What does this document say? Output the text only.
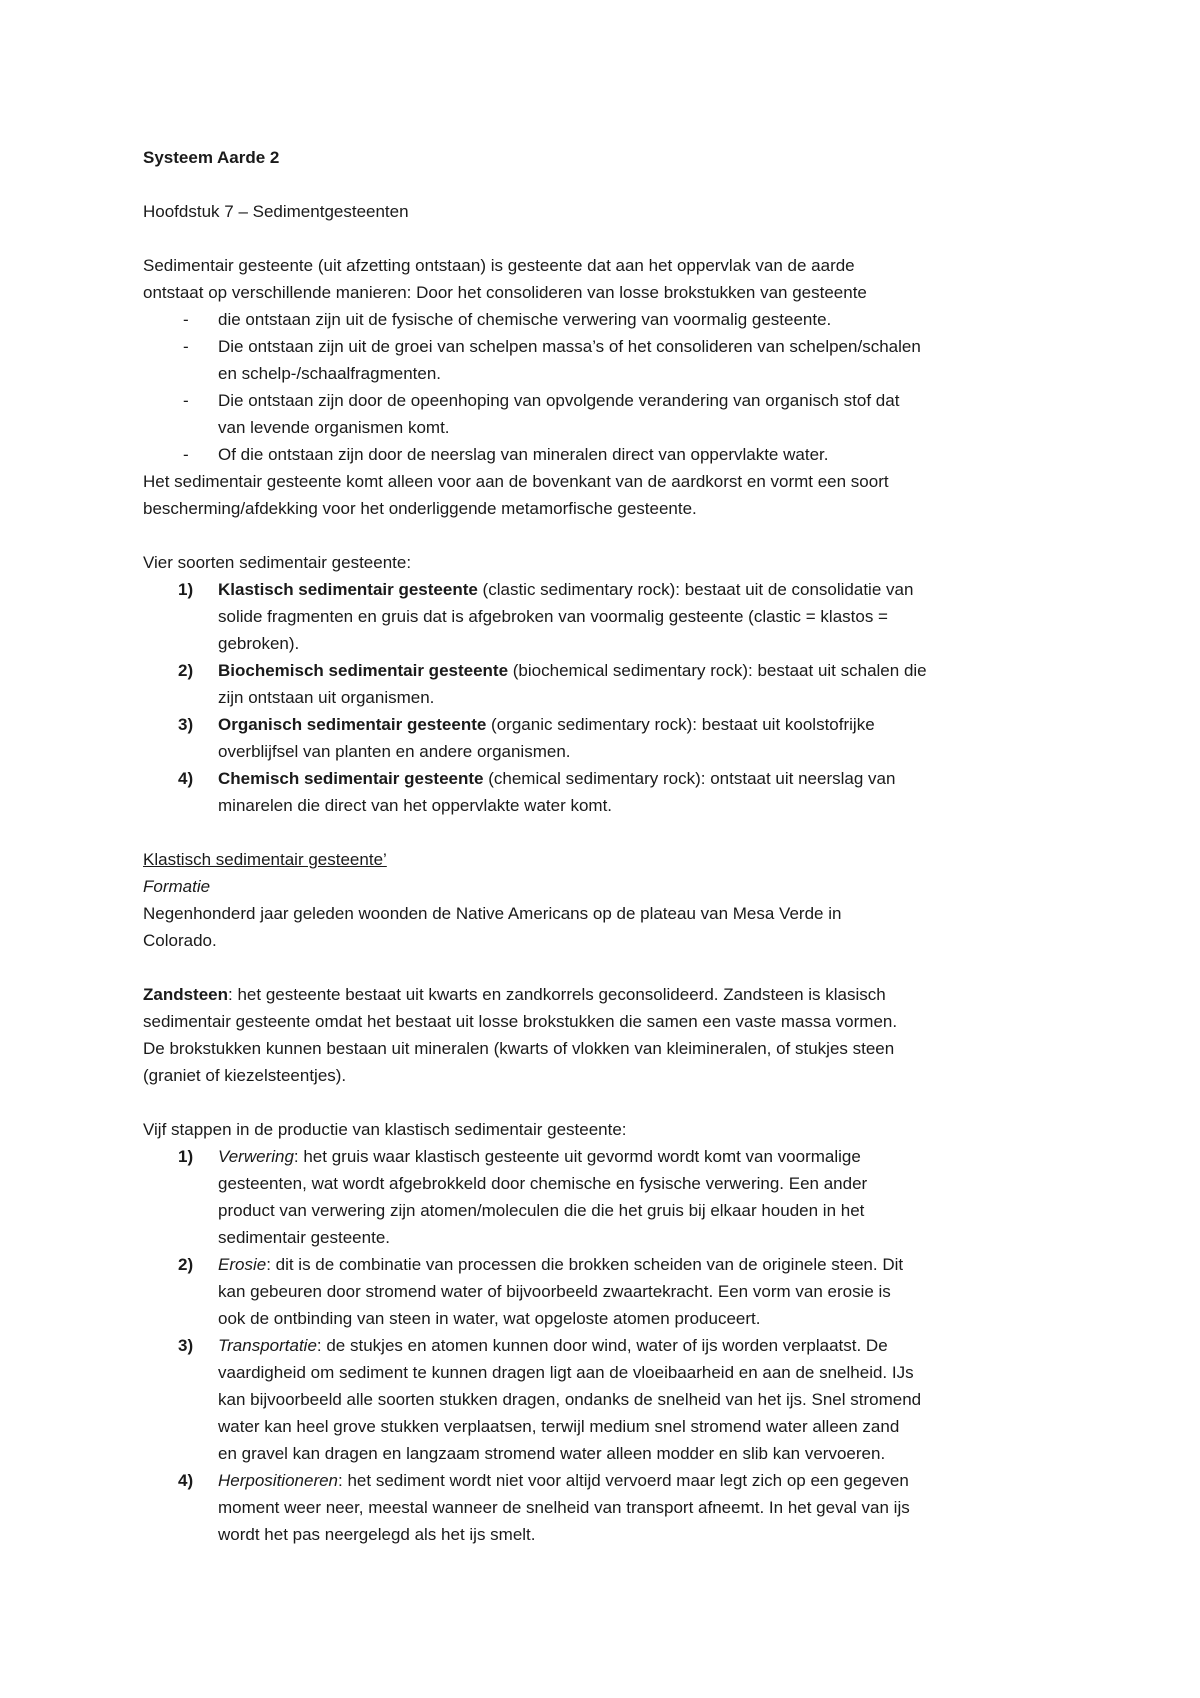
Systeem Aarde 2

Hoofdstuk 7 – Sedimentgesteenten

Sedimentair gesteente (uit afzetting ontstaan) is gesteente dat aan het oppervlak van de aarde

ontstaat op verschillende manieren: Door het consolideren van losse brokstukken van gesteente

- die ontstaan zijn uit de fysische of chemische verwering van voormalig gesteente.
- Die ontstaan zijn uit de groei van schelpen massa’s of het consolideren van schelpen/schalen
en schelp-/schaalfragmenten.
- Die ontstaan zijn door de opeenhoping van opvolgende verandering van organisch stof dat
van levende organismen komt.
- Of die ontstaan zijn door de neerslag van mineralen direct van oppervlakte water.

Het sedimentair gesteente komt alleen voor aan de bovenkant van de aardkorst en vormt een soort

bescherming/afdekking voor het onderliggende metamorfische gesteente.

Vier soorten sedimentair gesteente:

1) Klastisch sedimentair gesteente (clastic sedimentary rock): bestaat uit de consolidatie van
solide fragmenten en gruis dat is afgebroken van voormalig gesteente (clastic = klastos =
gebroken).
2) Biochemisch sedimentair gesteente (biochemical sedimentary rock): bestaat uit schalen die
zijn ontstaan uit organismen.
3) Organisch sedimentair gesteente (organic sedimentary rock): bestaat uit koolstofrijke
overblijfsel van planten en andere organismen.
4) Chemisch sedimentair gesteente (chemical sedimentary rock): ontstaat uit neerslag van
minarelen die direct van het oppervlakte water komt.

Klastisch sedimentair gesteente’

Formatie

Negenhonderd jaar geleden woonden de Native Americans op de plateau van Mesa Verde in

Colorado.

Zandsteen: het gesteente bestaat uit kwarts en zandkorrels geconsolideerd. Zandsteen is klasisch

sedimentair gesteente omdat het bestaat uit losse brokstukken die samen een vaste massa vormen.

De brokstukken kunnen bestaan uit mineralen (kwarts of vlokken van kleimineralen, of stukjes steen

(graniet of kiezelsteentjes).

Vijf stappen in de productie van klastisch sedimentair gesteente:

1) Verwering: het gruis waar klastisch gesteente uit gevormd wordt komt van voormalige
gesteenten, wat wordt afgebrokkeld door chemische en fysische verwering. Een ander
product van verwering zijn atomen/moleculen die die het gruis bij elkaar houden in het
sedimentair gesteente.
2) Erosie: dit is de combinatie van processen die brokken scheiden van de originele steen. Dit
kan gebeuren door stromend water of bijvoorbeeld zwaartekracht. Een vorm van erosie is
ook de ontbinding van steen in water, wat opgeloste atomen produceert.
3) Transportatie: de stukjes en atomen kunnen door wind, water of ijs worden verplaatst. De
vaardigheid om sediment te kunnen dragen ligt aan de vloeibaarheid en aan de snelheid. IJs
kan bijvoorbeeld alle soorten stukken dragen, ondanks de snelheid van het ijs. Snel stromend
water kan heel grove stukken verplaatsen, terwijl medium snel stromend water alleen zand
en gravel kan dragen en langzaam stromend water alleen modder en slib kan vervoeren.
4) Herpositioneren: het sediment wordt niet voor altijd vervoerd maar legt zich op een gegeven
moment weer neer, meestal wanneer de snelheid van transport afneemt. In het geval van ijs
wordt het pas neergelegd als het ijs smelt.
